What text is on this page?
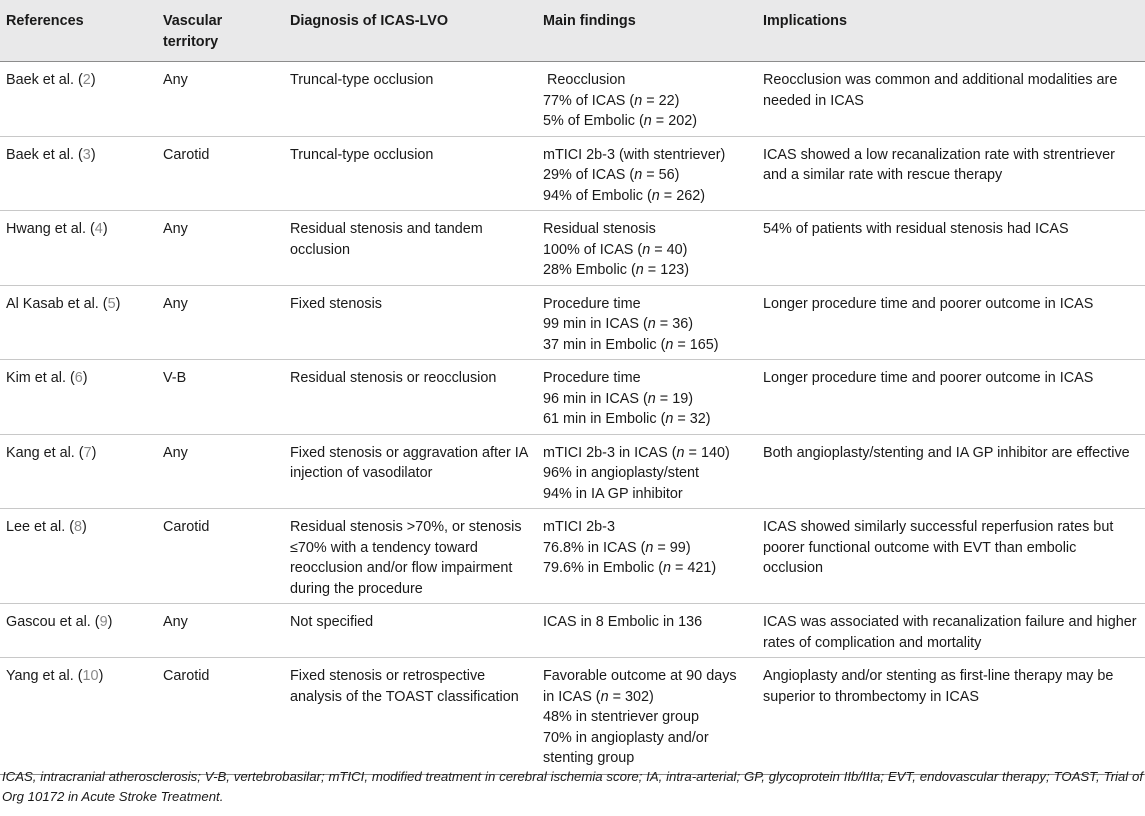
References	Vascular territory	Diagnosis of ICAS-LVO	Main findings	Implications
Baek et al. (2)	Any	Truncal-type occlusion	Reocclusion
77% of ICAS (n = 22)
5% of Embolic (n = 202)	Reocclusion was common and additional modalities are needed in ICAS
Baek et al. (3)	Carotid	Truncal-type occlusion	mTICI 2b-3 (with stentriever)
29% of ICAS (n = 56)
94% of Embolic (n = 262)	ICAS showed a low recanalization rate with strentriever and a similar rate with rescue therapy
Hwang et al. (4)	Any	Residual stenosis and tandem occlusion	Residual stenosis
100% of ICAS (n = 40)
28% Embolic (n = 123)	54% of patients with residual stenosis had ICAS
Al Kasab et al. (5)	Any	Fixed stenosis	Procedure time
99 min in ICAS (n = 36)
37 min in Embolic (n = 165)	Longer procedure time and poorer outcome in ICAS
Kim et al. (6)	V-B	Residual stenosis or reocclusion	Procedure time
96 min in ICAS (n = 19)
61 min in Embolic (n = 32)	Longer procedure time and poorer outcome in ICAS
Kang et al. (7)	Any	Fixed stenosis or aggravation after IA injection of vasodilator	mTICI 2b-3 in ICAS (n = 140)
96% in angioplasty/stent
94% in IA GP inhibitor	Both angioplasty/stenting and IA GP inhibitor are effective
Lee et al. (8)	Carotid	Residual stenosis >70%, or stenosis ≤70% with a tendency toward reocclusion and/or flow impairment during the procedure	mTICI 2b-3
76.8% in ICAS (n = 99)
79.6% in Embolic (n = 421)	ICAS showed similarly successful reperfusion rates but poorer functional outcome with EVT than embolic occlusion
Gascou et al. (9)	Any	Not specified	ICAS in 8 Embolic in 136	ICAS was associated with recanalization failure and higher rates of complication and mortality
Yang et al. (10)	Carotid	Fixed stenosis or retrospective analysis of the TOAST classification	Favorable outcome at 90 days in ICAS (n = 302)
48% in stentriever group
70% in angioplasty and/or stenting group	Angioplasty and/or stenting as first-line therapy may be superior to thrombectomy in ICAS
ICAS, intracranial atherosclerosis; V-B, vertebrobasilar; mTICI, modified treatment in cerebral ischemia score; IA, intra-arterial; GP, glycoprotein IIb/IIIa; EVT, endovascular therapy; TOAST, Trial of Org 10172 in Acute Stroke Treatment.
